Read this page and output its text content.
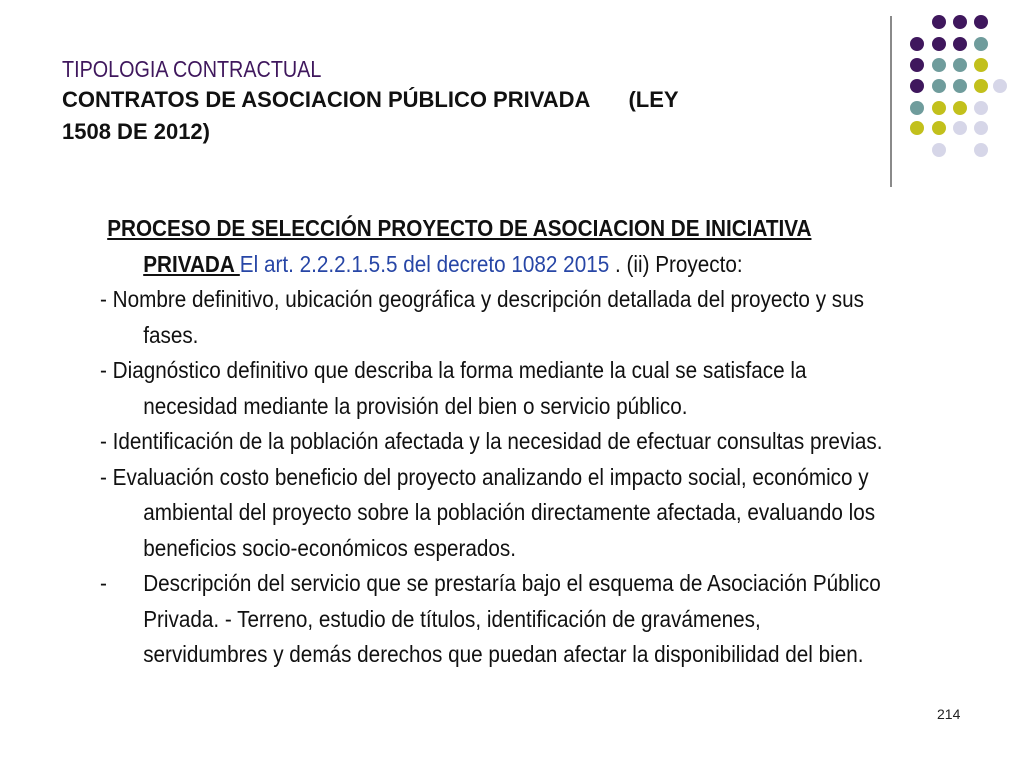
TIPOLOGIA CONTRACTUAL
CONTRATOS DE ASOCIACION PÚBLICO PRIVADA (LEY
1508 DE 2012)

PROCESO DE SELECCIÓN PROYECTO DE ASOCIACION DE INICIATIVA PRIVADA El art. 2.2.2.1.5.5 del decreto 1082 2015 . (ii) Proyecto:

- Nombre definitivo, ubicación geográfica y descripción detallada del proyecto y sus fases.

- Diagnóstico definitivo que describa la forma mediante la cual se satisface la necesidad mediante la provisión del bien o servicio público.

- Identificación de la población afectada y la necesidad de efectuar consultas previas.

- Evaluación costo beneficio del proyecto analizando el impacto social, económico y ambiental del proyecto sobre la población directamente afectada, evaluando los beneficios socio-económicos esperados.

-	Descripción del servicio que se prestaría bajo el esquema de Asociación Público Privada. - Terreno, estudio de títulos, identificación de gravámenes, servidumbres y demás derechos que puedan afectar la disponibilidad del bien.
214
